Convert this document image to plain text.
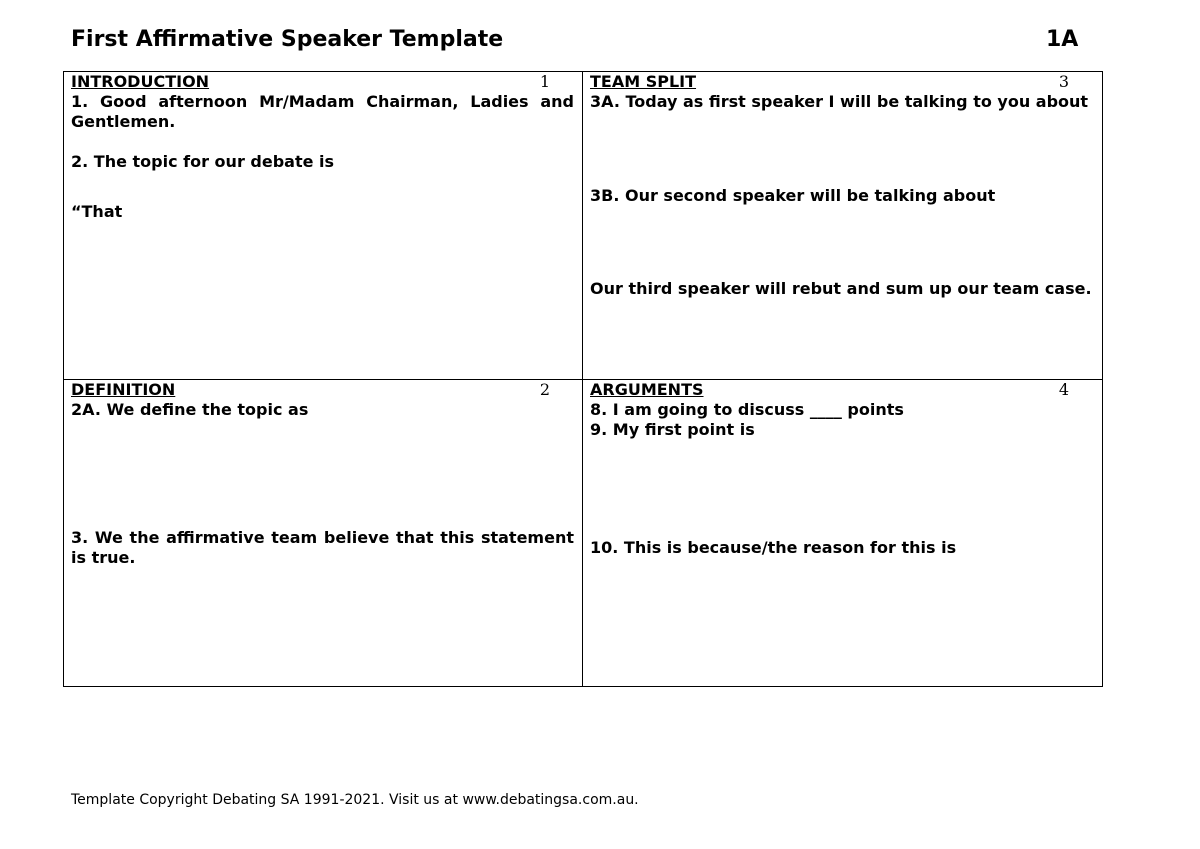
First Affirmative Speaker Template	1A
INTRODUCTION	1

1. Good afternoon Mr/Madam Chairman, Ladies and Gentlemen.

2. The topic for our debate is

“That

TEAM SPLIT	3

3A. Today as first speaker I will be talking to you about

3B. Our second speaker will be talking about

Our third speaker will rebut and sum up our team case.

DEFINITION	2

2A. We define the topic as

3. We the affirmative team believe that this statement is true.

ARGUMENTS	4

8. I am going to discuss ____ points

9. My first point is

10. This is because/the reason for this is

Template Copyright Debating SA 1991-2021. Visit us at www.debatingsa.com.au.
